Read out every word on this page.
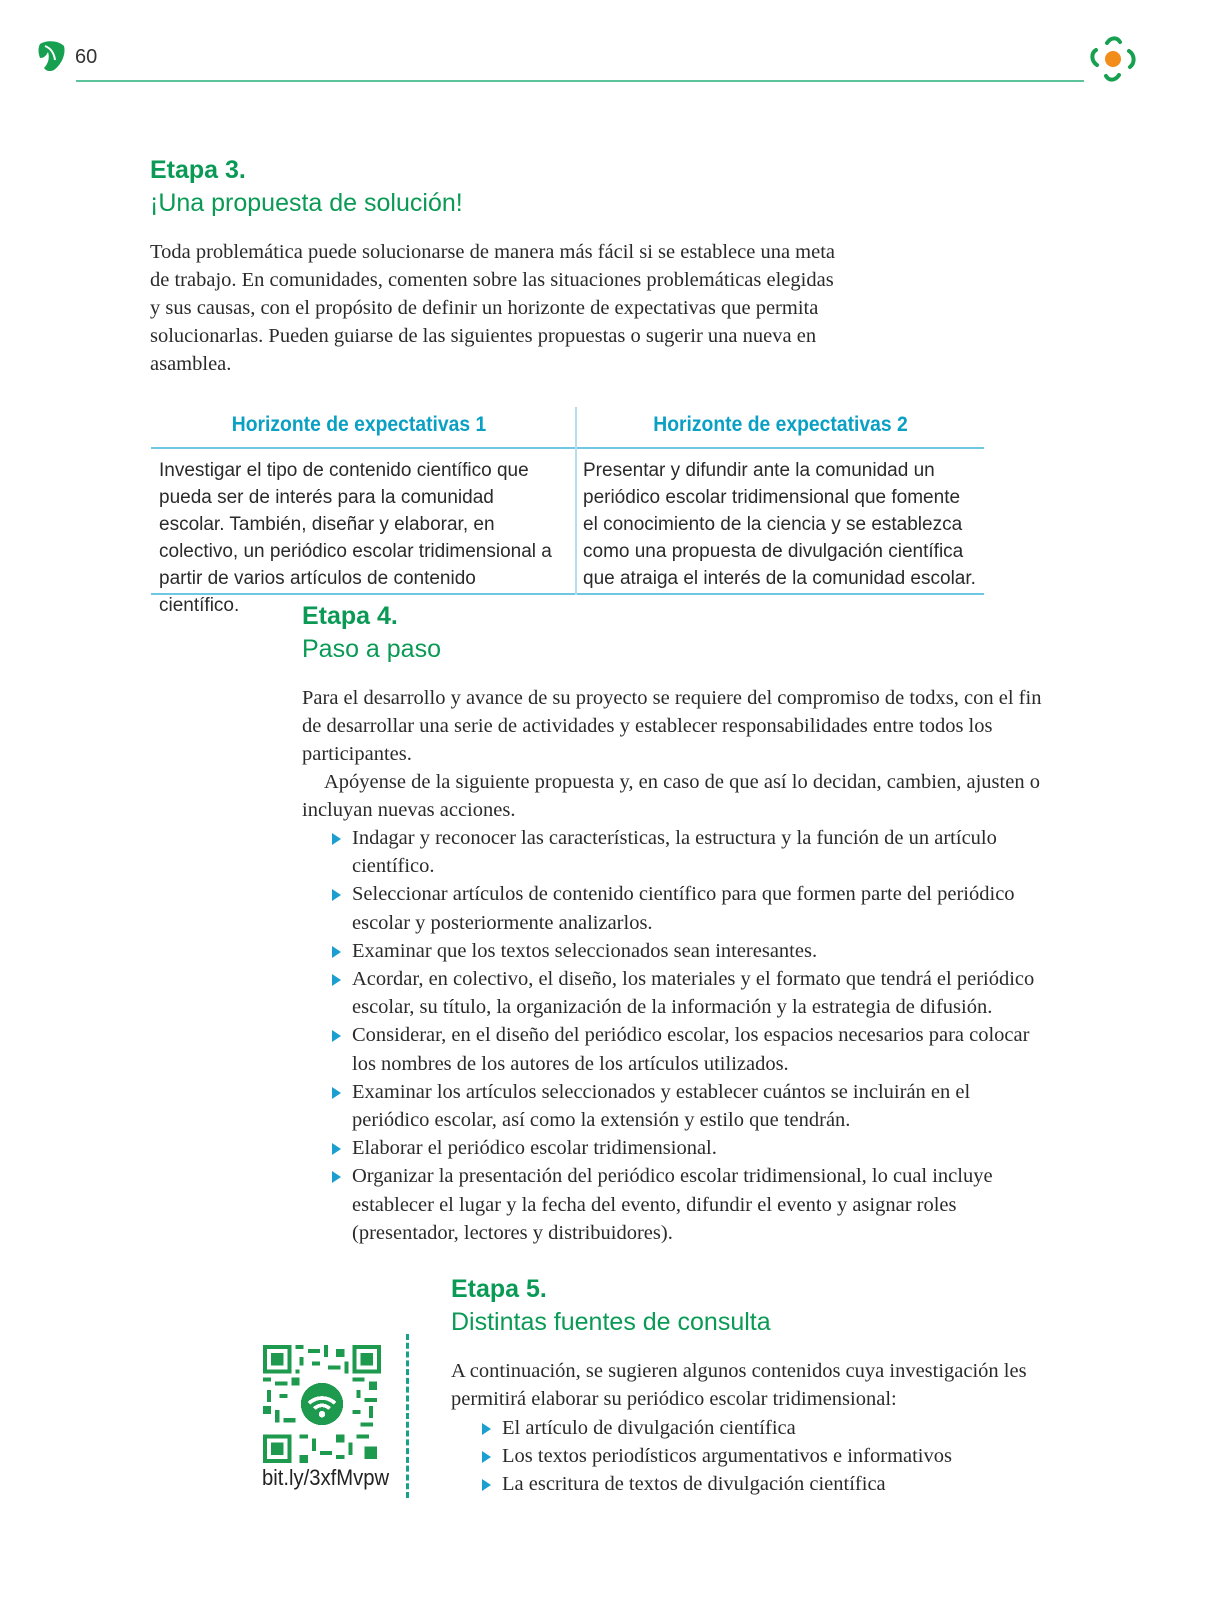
60
Etapa 3.
¡Una propuesta de solución!

Toda problemática puede solucionarse de manera más fácil si se establece una meta de trabajo. En comunidades, comenten sobre las situaciones problemáticas elegidas y sus causas, con el propósito de definir un horizonte de expectativas que permita solucionarlas. Pueden guiarse de las siguientes propuestas o sugerir una nueva en asamblea.

Horizonte de expectativas 1
Investigar el tipo de contenido científico que pueda ser de interés para la comunidad escolar. También, diseñar y elaborar, en colectivo, un periódico escolar tridimensional a partir de varios artículos de contenido científico.
Horizonte de expectativas 2
Presentar y difundir ante la comunidad un periódico escolar tridimensional que fomente el conocimiento de la ciencia y se establezca como una propuesta de divulgación científica que atraiga el interés de la comunidad escolar.
Etapa 4.
Paso a paso

Para el desarrollo y avance de su proyecto se requiere del compromiso de todxs, con el fin de desarrollar una serie de actividades y establecer responsabilidades entre todos los participantes.

Apóyense de la siguiente propuesta y, en caso de que así lo decidan, cambien, ajusten o incluyan nuevas acciones.

Indagar y reconocer las características, la estructura y la función de un artículo científico.
Seleccionar artículos de contenido científico para que formen parte del periódico escolar y posteriormente analizarlos.
Examinar que los textos seleccionados sean interesantes.
Acordar, en colectivo, el diseño, los materiales y el formato que tendrá el periódico escolar, su título, la organización de la información y la estrategia de difusión.
Considerar, en el diseño del periódico escolar, los espacios necesarios para colocar los nombres de los autores de los artículos utilizados.
Examinar los artículos seleccionados y establecer cuántos se incluirán en el periódico escolar, así como la extensión y estilo que tendrán.
Elaborar el periódico escolar tridimensional.
Organizar la presentación del periódico escolar tridimensional, lo cual incluye establecer el lugar y la fecha del evento, difundir el evento y asignar roles (presentador, lectores y distribuidores).
Etapa 5.
Distintas fuentes de consulta

A continuación, se sugieren algunos contenidos cuya investigación les permitirá elaborar su periódico escolar tridimensional:

El artículo de divulgación científica
Los textos periodísticos argumentativos e informativos
La escritura de textos de divulgación científica
bit.ly/3xfMvpw
